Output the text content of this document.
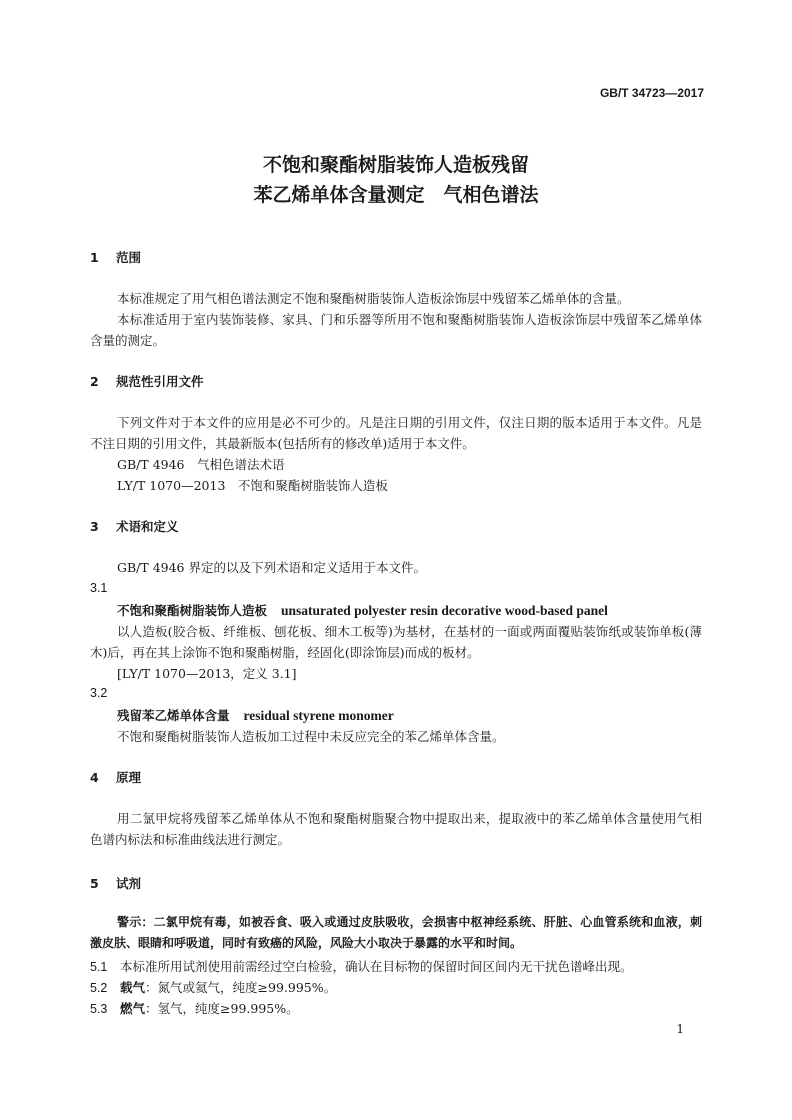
GB/T 34723—2017
不饱和聚酯树脂装饰人造板残留
苯乙烯单体含量测定　气相色谱法
1 范围
本标准规定了用气相色谱法测定不饱和聚酯树脂装饰人造板涂饰层中残留苯乙烯单体的含量。
本标准适用于室内装饰装修、家具、门和乐器等所用不饱和聚酯树脂装饰人造板涂饰层中残留苯乙烯单体含量的测定。
2 规范性引用文件
下列文件对于本文件的应用是必不可少的。凡是注日期的引用文件，仅注日期的版本适用于本文件。凡是不注日期的引用文件，其最新版本(包括所有的修改单)适用于本文件。
GB/T 4946　气相色谱法术语
LY/T 1070—2013　不饱和聚酯树脂装饰人造板
3 术语和定义
GB/T 4946 界定的以及下列术语和定义适用于本文件。
3.1
不饱和聚酯树脂装饰人造板 unsaturated polyester resin decorative wood-based panel
以人造板(胶合板、纤维板、刨花板、细木工板等)为基材，在基材的一面或两面覆贴装饰纸或装饰单板(薄木)后，再在其上涂饰不饱和聚酯树脂，经固化(即涂饰层)而成的板材。
[LY/T 1070—2013，定义 3.1]
3.2
残留苯乙烯单体含量 residual styrene monomer
不饱和聚酯树脂装饰人造板加工过程中未反应完全的苯乙烯单体含量。
4 原理
用二氯甲烷将残留苯乙烯单体从不饱和聚酯树脂聚合物中提取出来，提取液中的苯乙烯单体含量使用气相色谱内标法和标准曲线法进行测定。
5 试剂
警示：二氯甲烷有毒，如被吞食、吸入或通过皮肤吸收，会损害中枢神经系统、肝脏、心血管系统和血液，刺激皮肤、眼睛和呼吸道，同时有致癌的风险，风险大小取决于暴露的水平和时间。
5.1 本标准所用试剂使用前需经过空白检验，确认在目标物的保留时间区间内无干扰色谱峰出现。
5.2 载气：氮气或氦气，纯度≥99.995%。
5.3 燃气：氢气，纯度≥99.995%。
1
